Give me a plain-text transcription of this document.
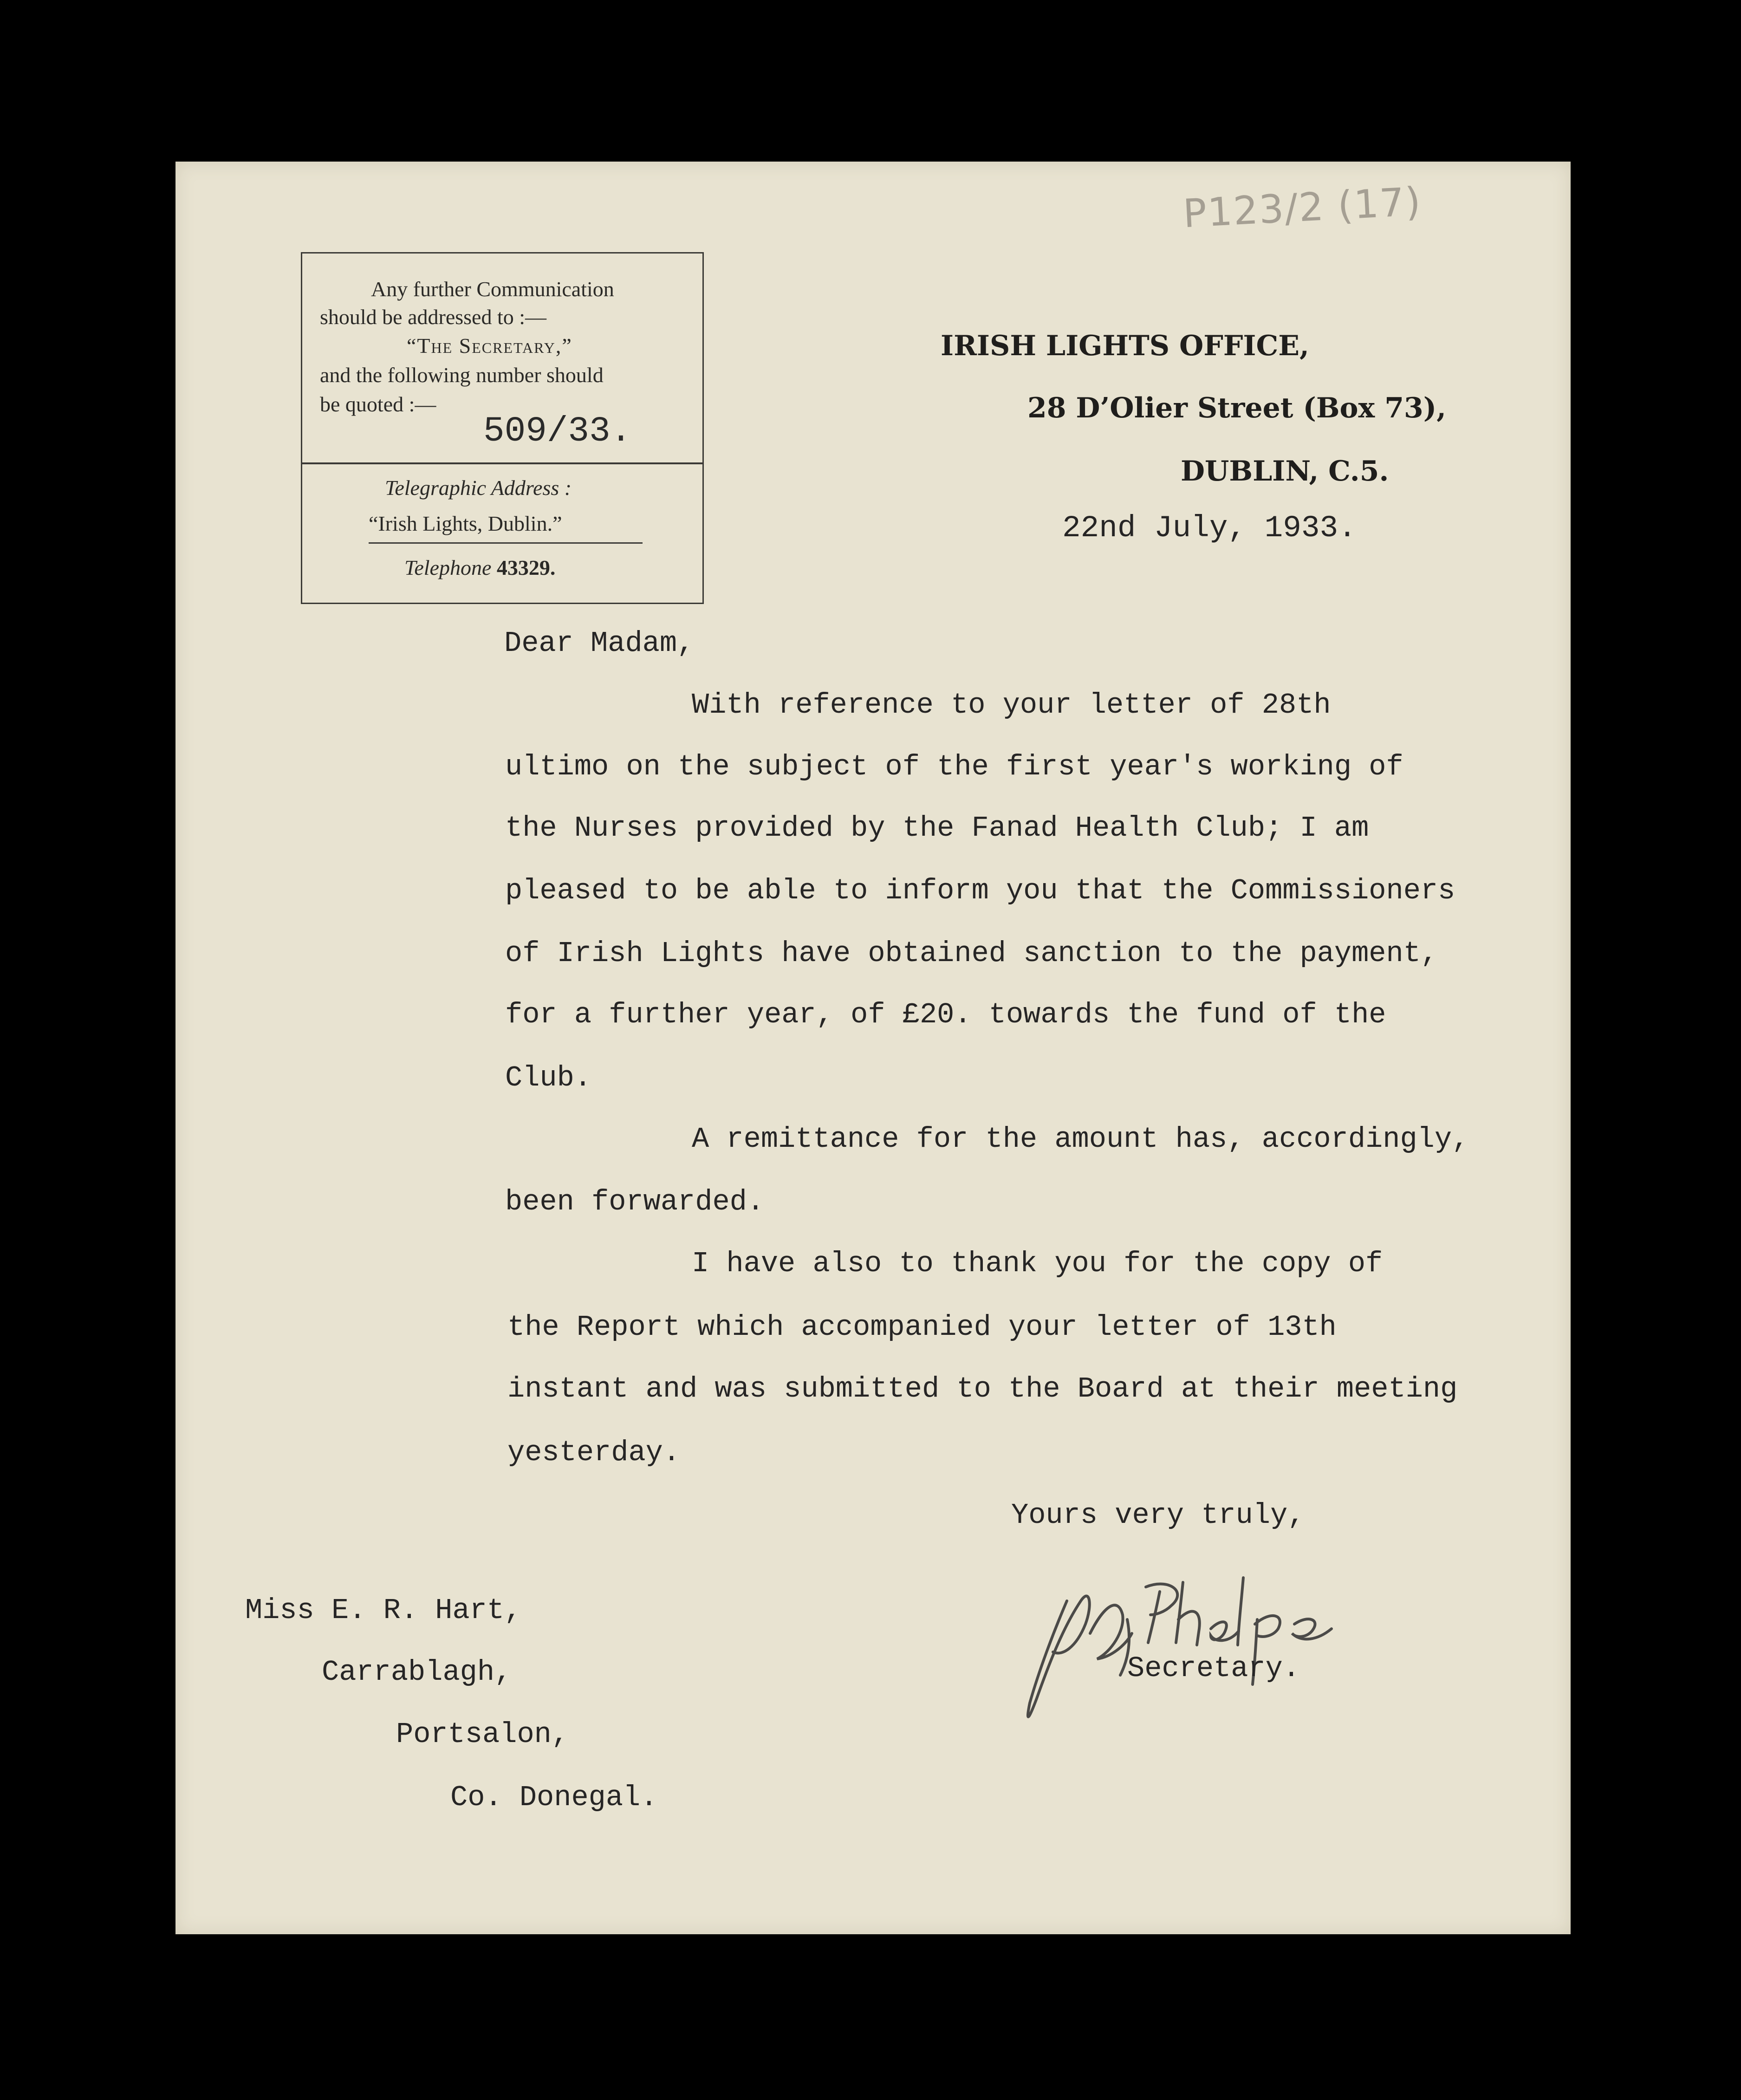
P123/2 (17)
Any further Communication
should be addressed to :—
“The Secretary,”
and the following number should
be quoted :—
509/33.
Telegraphic Address :
“Irish Lights, Dublin.”
Telephone 43329.
IRISH LIGHTS OFFICE,
28 D’Olier Street (Box 73),
DUBLIN, C.5.
22nd July, 1933.
Dear Madam,
With reference to your letter of 28th
ultimo on the subject of the first year's working of
the Nurses provided by the Fanad Health Club; I am
pleased to be able to inform you that the Commissioners
of Irish Lights have obtained sanction to the payment,
for a further year, of £20. towards the fund of the
Club.
A remittance for the amount has, accordingly,
been forwarded.
I have also to thank you for the copy of
the Report which accompanied your letter of 13th
instant and was submitted to the Board at their meeting
yesterday.
Yours very truly,
Secretary.
Miss E. R. Hart,
Carrablagh,
Portsalon,
Co. Donegal.
